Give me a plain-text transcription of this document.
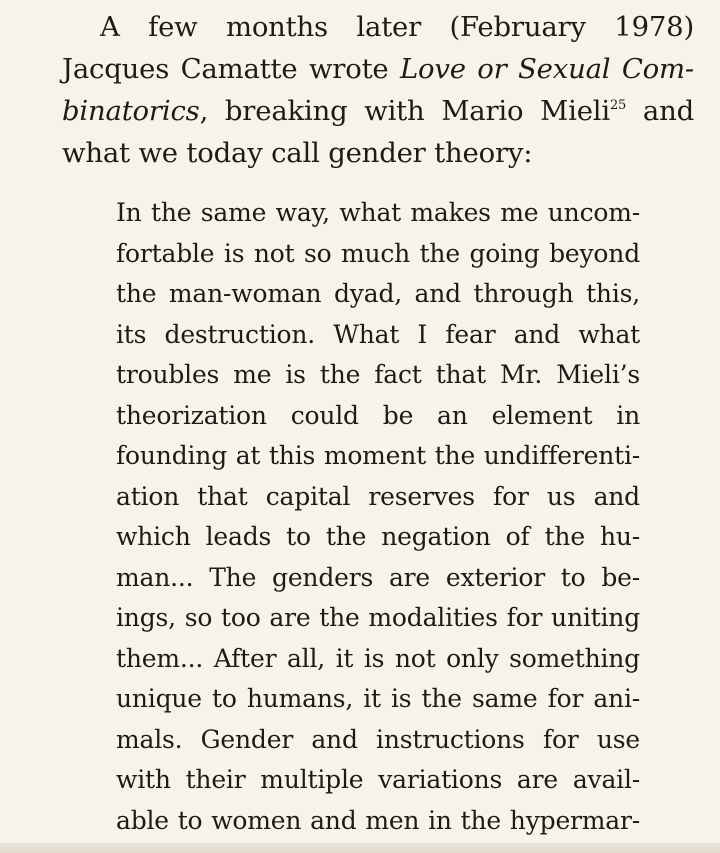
A few months later (February 1978)
Jacques Camatte wrote Love or Sexual Com-
binatorics, breaking with Mario Mieli$^{25}$ and
what we today call gender theory:
In the same way, what makes me uncom-
fortable is not so much the going beyond
the man-woman dyad, and through this,
its destruction. What I fear and what
troubles me is the fact that Mr. Mieli’s
theorization could be an element in
founding at this moment the undifferenti-
ation that capital reserves for us and
which leads to the negation of the hu-
man... The genders are exterior to be-
ings, so too are the modalities for uniting
them... After all, it is not only something
unique to humans, it is the same for ani-
mals. Gender and instructions for use
with their multiple variations are avail-
able to women and men in the hypermar-
